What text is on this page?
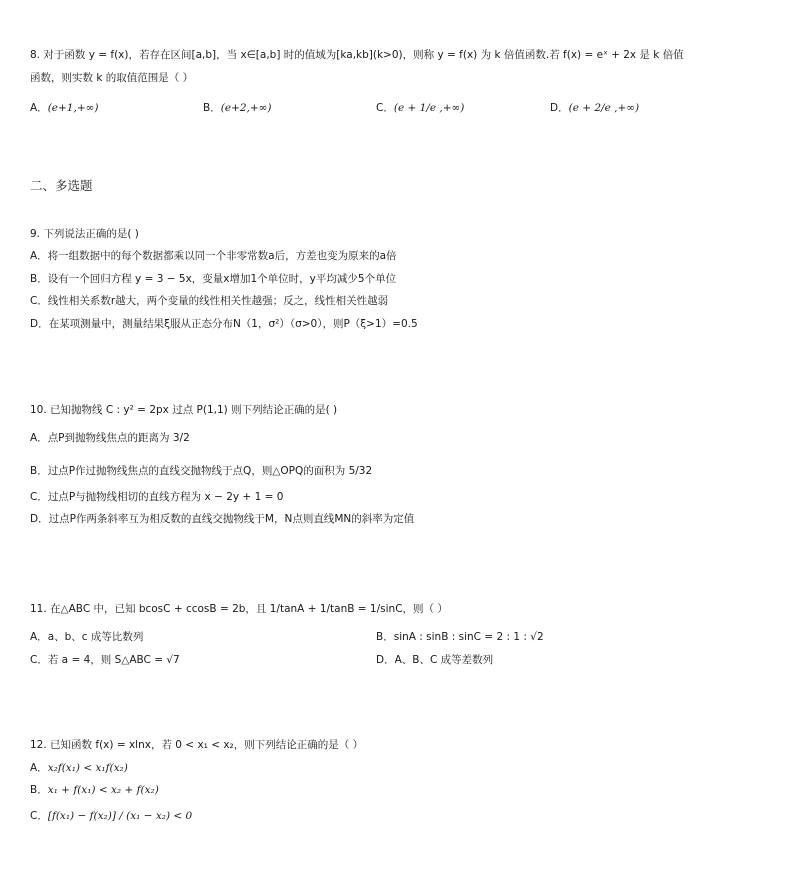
8. 对于函数 y = f(x)，若存在区间[a,b]，当 x∈[a,b] 时的值域为[ka,kb](k>0)，则称 y = f(x) 为 k 倍值函数.若 f(x) = eˣ + 2x 是 k 倍值
函数，则实数 k 的取值范围是（ ）
A．(e+1,+∞)	B．(e+2,+∞)	C．(e + 1/e ,+∞)	D．(e + 2/e ,+∞)
二、多选题
9. 下列说法正确的是( )
A．将一组数据中的每个数据都乘以同一个非零常数a后，方差也变为原来的a倍
B．设有一个回归方程 y = 3 − 5x，变量x增加1个单位时，y平均减少5个单位
C．线性相关系数r越大，两个变量的线性相关性越强；反之，线性相关性越弱
D．在某项测量中，测量结果ξ服从正态分布N（1，σ²）（σ>0），则P（ξ>1）=0.5
10. 已知抛物线 C : y² = 2px 过点 P(1,1) 则下列结论正确的是( )
A．点P到抛物线焦点的距离为 3/2
B．过点P作过抛物线焦点的直线交抛物线于点Q，则△OPQ的面积为 5/32
C．过点P与抛物线相切的直线方程为 x − 2y + 1 = 0
D．过点P作两条斜率互为相反数的直线交抛物线于M，N点则直线MN的斜率为定值
11. 在△ABC 中，已知 bcosC + ccosB = 2b，且 1/tanA + 1/tanB = 1/sinC，则（ ）
A．a、b、c 成等比数列	B．sinA : sinB : sinC = 2 : 1 : √2
C．若 a = 4，则 S△ABC = √7	D．A、B、C 成等差数列
12. 已知函数 f(x) = xlnx，若 0 < x₁ < x₂，则下列结论正确的是（ ）
A．x₂f(x₁) < x₁f(x₂)
B．x₁ + f(x₁) < x₂ + f(x₂)
C．[f(x₁) − f(x₂)] / (x₁ − x₂) < 0
